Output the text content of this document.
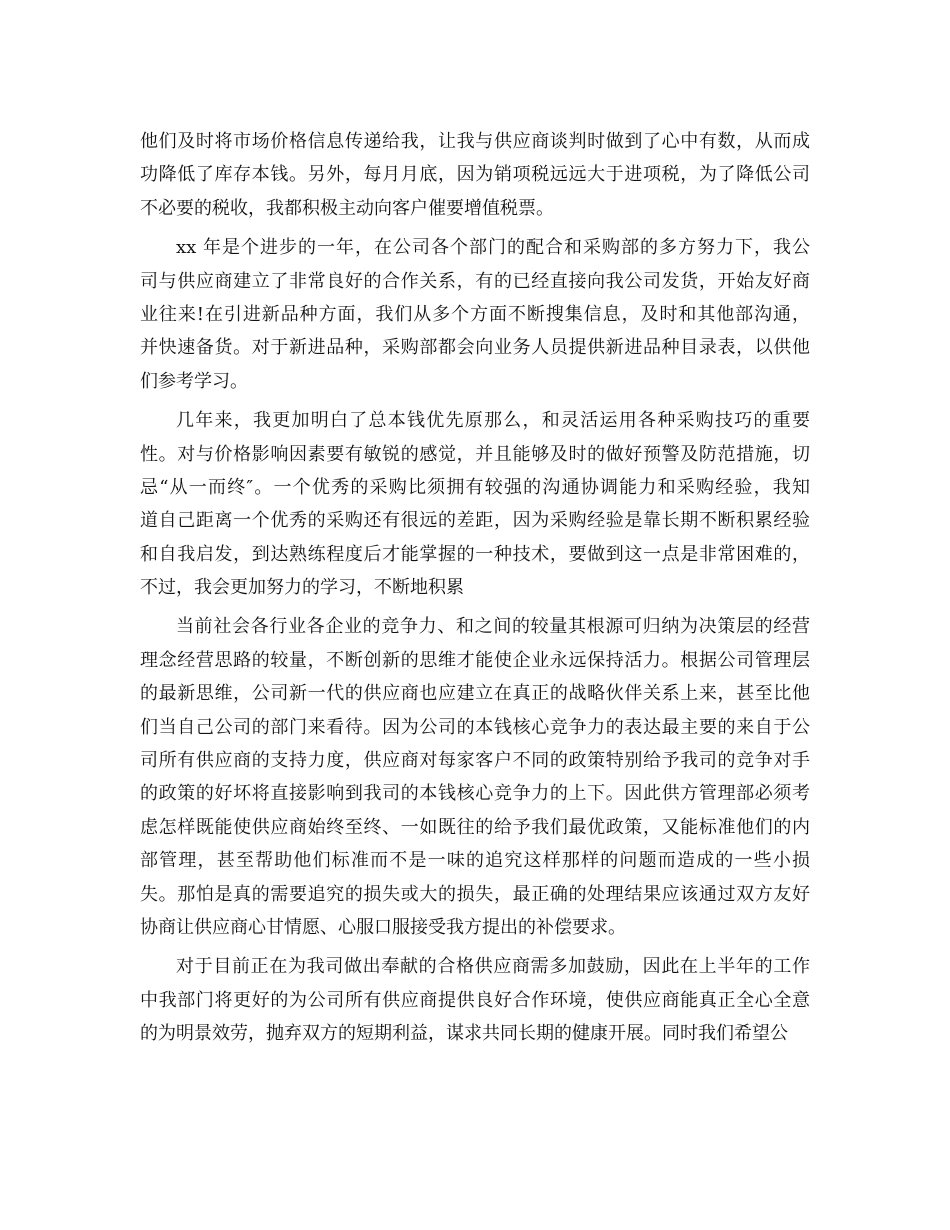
他们及时将市场价格信息传递给我，让我与供应商谈判时做到了心中有数，从而成
功降低了库存本钱。另外，每月月底，因为销项税远远大于进项税，为了降低公司
不必要的税收，我都积极主动向客户催要增值税票。
xx 年是个进步的一年，在公司各个部门的配合和采购部的多方努力下，我公
司与供应商建立了非常良好的合作关系，有的已经直接向我公司发货，开始友好商
业往来!在引进新品种方面，我们从多个方面不断搜集信息，及时和其他部沟通，
并快速备货。对于新进品种，采购部都会向业务人员提供新进品种目录表，以供他
们参考学习。
几年来，我更加明白了总本钱优先原那么，和灵活运用各种采购技巧的重要
性。对与价格影响因素要有敏锐的感觉，并且能够及时的做好预警及防范措施，切
忌“从一而终″。一个优秀的采购比须拥有较强的沟通协调能力和采购经验，我知
道自己距离一个优秀的采购还有很远的差距，因为采购经验是靠长期不断积累经验
和自我启发，到达熟练程度后才能掌握的一种技术，要做到这一点是非常困难的，
不过，我会更加努力的学习，不断地积累
当前社会各行业各企业的竞争力、和之间的较量其根源可归纳为决策层的经营
理念经营思路的较量，不断创新的思维才能使企业永远保持活力。根据公司管理层
的最新思维，公司新一代的供应商也应建立在真正的战略伙伴关系上来，甚至比他
们当自己公司的部门来看待。因为公司的本钱核心竞争力的表达最主要的来自于公
司所有供应商的支持力度，供应商对每家客户不同的政策特别给予我司的竞争对手
的政策的好坏将直接影响到我司的本钱核心竞争力的上下。因此供方管理部必须考
虑怎样既能使供应商始终至终、一如既往的给予我们最优政策，又能标准他们的内
部管理，甚至帮助他们标准而不是一味的追究这样那样的问题而造成的一些小损
失。那怕是真的需要追究的损失或大的损失，最正确的处理结果应该通过双方友好
协商让供应商心甘情愿、心服口服接受我方提出的补偿要求。
对于目前正在为我司做出奉献的合格供应商需多加鼓励，因此在上半年的工作
中我部门将更好的为公司所有供应商提供良好合作环境，使供应商能真正全心全意
的为明景效劳，抛弃双方的短期利益，谋求共同长期的健康开展。同时我们希望公
